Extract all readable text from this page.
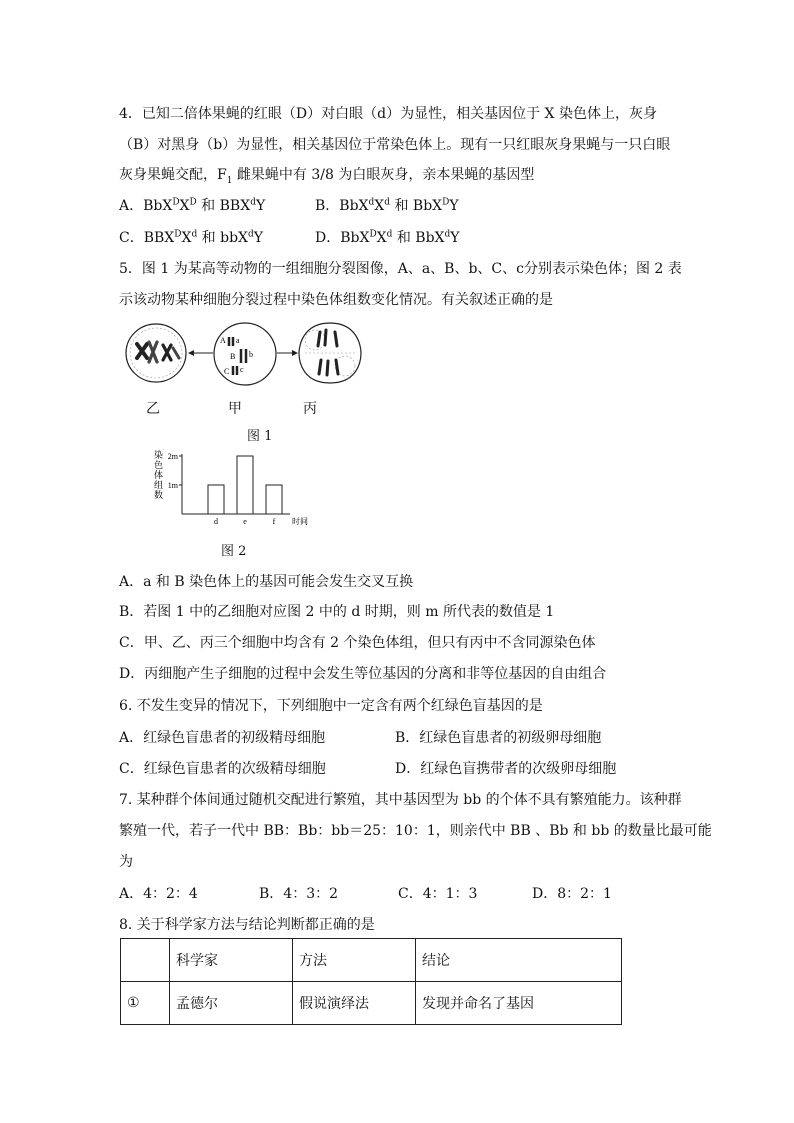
4．已知二倍体果蝇的红眼（D）对白眼（d）为显性，相关基因位于 X 染色体上，灰身
（B）对黑身（b）为显性，相关基因位于常染色体上。现有一只红眼灰身果蝇与一只白眼
灰身果蝇交配，$F_1$ 雌果蝇中有 3/8 为白眼灰身，亲本果蝇的基因型
A．$BbX^DX^D$ 和 BBX$^d$Y	B．$BbX^dX^d$ 和 BbX$^D$Y
C．$BBX^DX^d$ 和 bbX$^d$Y	D．$BbX^DX^d$ 和 BbX$^d$Y
5．图 1 为某高等动物的一组细胞分裂图像，A、a、B、b、C、c分别表示染色体；图 2 表
示该动物某种细胞分裂过程中染色体组数变化情况。有关叙述正确的是
A a
B b
C c
乙	甲	丙
图 1
染
色
体
组
数
1m
2m
d	e	f 时间
图 2
A．a 和 B 染色体上的基因可能会发生交叉互换
B．若图 1 中的乙细胞对应图 2 中的 d 时期，则 m 所代表的数值是 1
C．甲、乙、丙三个细胞中均含有 2 个染色体组，但只有丙中不含同源染色体
D．丙细胞产生子细胞的过程中会发生等位基因的分离和非等位基因的自由组合
6. 不发生变异的情况下，下列细胞中一定含有两个红绿色盲基因的是
A．红绿色盲患者的初级精母细胞	B．红绿色盲患者的初级卵母细胞
C．红绿色盲患者的次级精母细胞	D．红绿色盲携带者的次级卵母细胞
7. 某种群个体间通过随机交配进行繁殖，其中基因型为 bb 的个体不具有繁殖能力。该种群
繁殖一代，若子一代中 BB：Bb：bb＝25：10：1，则亲代中 BB 、Bb 和 bb 的数量比最可能
为
A．4：2：4	B．4：3：2	C．4：1：3	D．8：2：1
8. 关于科学家方法与结论判断都正确的是
	科学家	方法	结论
①	孟德尔	假说演绎法	发现并命名了基因
